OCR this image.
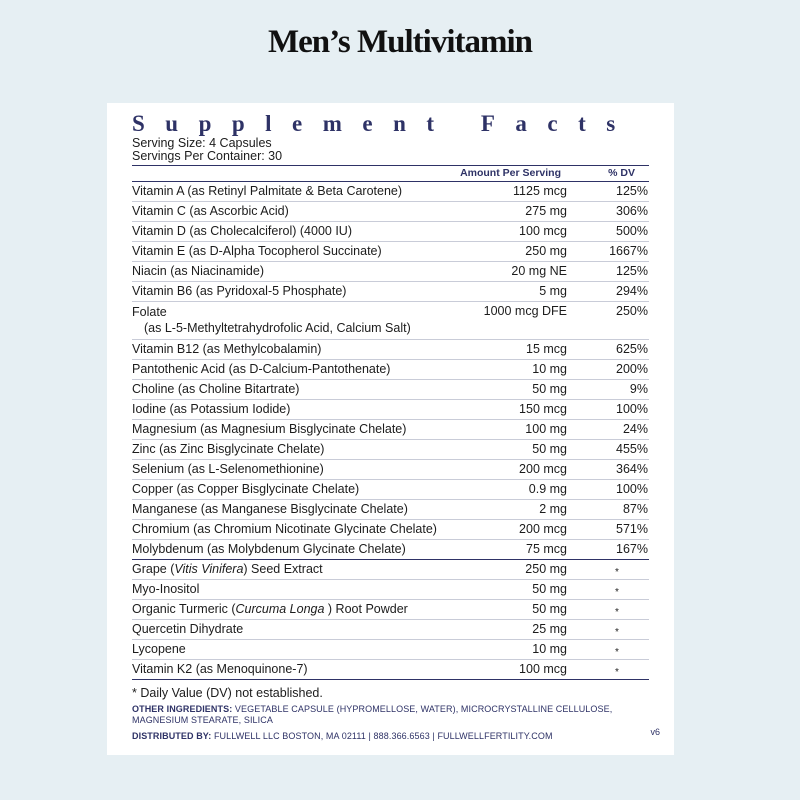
Men’s Multivitamin
Supplement Facts
Serving Size: 4 Capsules
Servings Per Container: 30
Amount Per Serving	% DV
Vitamin A (as Retinyl Palmitate & Beta Carotene)	1125 mcg	125%
Vitamin C (as Ascorbic Acid)	275 mg	306%
Vitamin D (as Cholecalciferol) (4000 IU)	100 mcg	500%
Vitamin E (as D-Alpha Tocopherol Succinate)	250 mg	1667%
Niacin (as Niacinamide)	20 mg NE	125%
Vitamin B6 (as Pyridoxal-5 Phosphate)	5 mg	294%
Folate
(as L-5-Methyltetrahydrofolic Acid, Calcium Salt)
1000 mcg DFE	250%
Vitamin B12 (as Methylcobalamin)	15 mcg	625%
Pantothenic Acid (as D-Calcium-Pantothenate)	10 mg	200%
Choline (as Choline Bitartrate)	50 mg	9%
Iodine (as Potassium Iodide)	150 mcg	100%
Magnesium (as Magnesium Bisglycinate Chelate)	100 mg	24%
Zinc (as Zinc Bisglycinate Chelate)	50 mg	455%
Selenium (as L-Selenomethionine)	200 mcg	364%
Copper (as Copper Bisglycinate Chelate)	0.9 mg	100%
Manganese (as Manganese Bisglycinate Chelate)	2 mg	87%
Chromium (as Chromium Nicotinate Glycinate Chelate)	200 mcg	571%
Molybdenum (as Molybdenum Glycinate Chelate)	75 mcg	167%
Grape (Vitis Vinifera) Seed Extract	250 mg	*
Myo-Inositol	50 mg	*
Organic Turmeric (Curcuma Longa ) Root Powder	50 mg	*
Quercetin Dihydrate	25 mg	*
Lycopene	10 mg	*
Vitamin K2 (as Menoquinone-7)	100 mcg	*
* Daily Value (DV) not established.
OTHER INGREDIENTS: VEGETABLE CAPSULE (HYPROMELLOSE, WATER), MICROCRYSTALLINE CELLULOSE, MAGNESIUM STEARATE, SILICA
DISTRIBUTED BY: FULLWELL LLC BOSTON, MA 02111 | 888.366.6563 | FULLWELLFERTILITY.COM	v6
